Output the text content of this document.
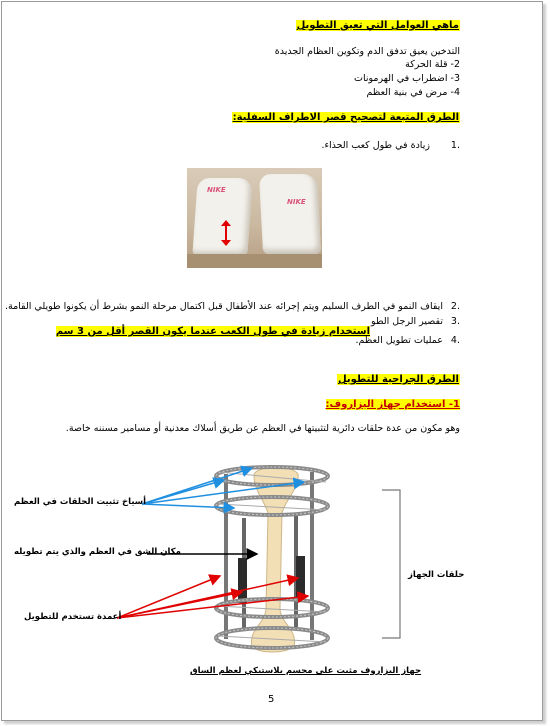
ماهي العوامل التي تعيق التطويل
التدخين يعيق تدفق الدم وتكوين العظام الجديدة
2- قلة الحركة
3- اضطراب في الهرمونات
4- مرض في بنية العظم
الطرق المتبعة لتصحيح قصر الاطراف السفلية:
.1  زيادة في طول كعب الحذاء.
NIKE
NIKE
.2 ايقاف النمو في الطرف السليم ويتم إجرائه عند الأطفال قبل اكتمال مرحلة النمو بشرط أن يكونوا طويلي القامة.
.3 تقصير الرجل الطو
استخدام زيادة في طول الكعب عندما يكون القصر أقل من 3 سم
.4 عمليات تطويل العظم.
الطرق الجراحية للتطويل
1- استخدام جهاز اليزاروف:
وهو مكون من عدة حلقات دائرية لتثبيتها في العظم عن طريق أسلاك معدنية أو مسامير مسننه خاصة.
أسياخ تثبيت الحلقات في العظم
مكان الشق في العظم والذي يتم تطويله
أعمدة تستخدم للتطويل
حلقات الجهاز
جهاز اليزاروف مثبت على مجسم بلاستيكي لعظم الساق
5
